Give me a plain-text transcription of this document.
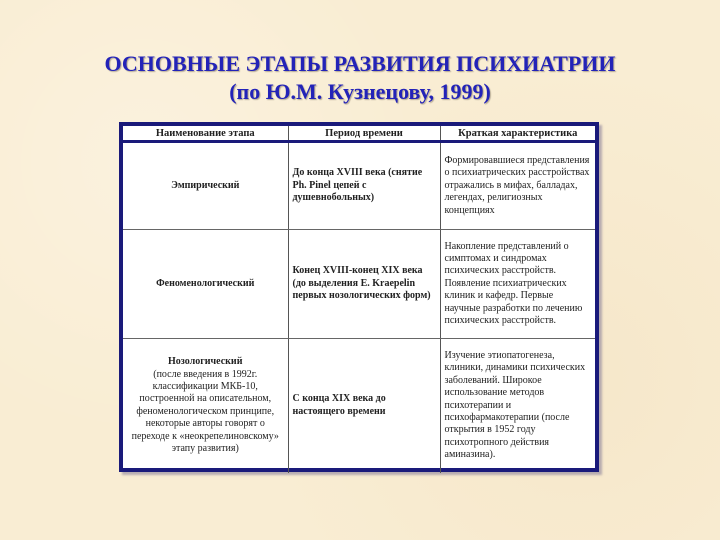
ОСНОВНЫЕ ЭТАПЫ РАЗВИТИЯ ПСИХИАТРИИ
(по Ю.М. Кузнецову, 1999)
Наименование этапа	Период времени	Краткая характеристика
Эмпирический	До конца XVIII века (снятие Ph. Pinel цепей с душевнобольных)	Формировавшиеся представления о психиатрических расстройствах отражались в мифах, балладах, легендах, религиозных концепциях
Феноменологический	Конец XVIII-конец XIX века (до выделения E. Kraepelin первых нозологических форм)	Накопление представлений о симптомах и синдромах психических расстройств. Появление психиатрических клиник и кафедр. Первые научные разработки по лечению психических расстройств.
Нозологический
(после введения в 1992г. классификации МКБ-10, построенной на описательном, феноменологическом принципе, некоторые авторы говорят о переходе к «неокрепелиновскому» этапу развития)	С конца XIX века до настоящего времени	Изучение этиопатогенеза, клиники, динамики психических заболеваний. Широкое использование методов психотерапии и психофармакотерапии (после открытия в 1952 году психотропного действия аминазина).
